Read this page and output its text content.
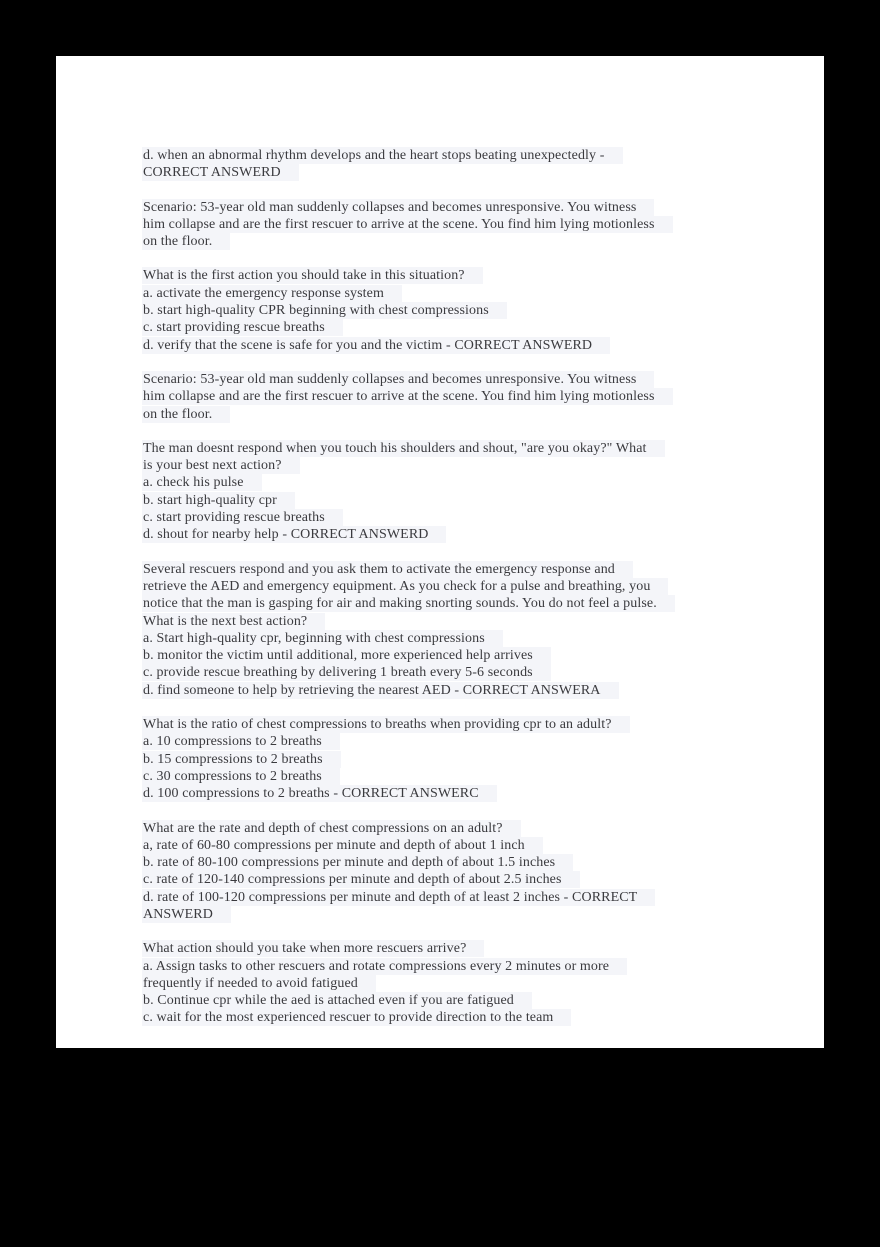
d. when an abnormal rhythm develops and the heart stops beating unexpectedly -
CORRECT ANSWERD
Scenario: 53-year old man suddenly collapses and becomes unresponsive. You witness
him collapse and are the first rescuer to arrive at the scene. You find him lying motionless
on the floor.
What is the first action you should take in this situation?
a. activate the emergency response system
b. start high-quality CPR beginning with chest compressions
c. start providing rescue breaths
d. verify that the scene is safe for you and the victim - CORRECT ANSWERD
Scenario: 53-year old man suddenly collapses and becomes unresponsive. You witness
him collapse and are the first rescuer to arrive at the scene. You find him lying motionless
on the floor.
The man doesnt respond when you touch his shoulders and shout, "are you okay?" What
is your best next action?
a. check his pulse
b. start high-quality cpr
c. start providing rescue breaths
d. shout for nearby help - CORRECT ANSWERD
Several rescuers respond and you ask them to activate the emergency response and
retrieve the AED and emergency equipment. As you check for a pulse and breathing, you
notice that the man is gasping for air and making snorting sounds. You do not feel a pulse.
What is the next best action?
a. Start high-quality cpr, beginning with chest compressions
b. monitor the victim until additional, more experienced help arrives
c. provide rescue breathing by delivering 1 breath every 5-6 seconds
d. find someone to help by retrieving the nearest AED - CORRECT ANSWERA
What is the ratio of chest compressions to breaths when providing cpr to an adult?
a. 10 compressions to 2 breaths
b. 15 compressions to 2 breaths
c. 30 compressions to 2 breaths
d. 100 compressions to 2 breaths - CORRECT ANSWERC
What are the rate and depth of chest compressions on an adult?
a, rate of 60-80 compressions per minute and depth of about 1 inch
b. rate of 80-100 compressions per minute and depth of about 1.5 inches
c. rate of 120-140 compressions per minute and depth of about 2.5 inches
d. rate of 100-120 compressions per minute and depth of at least 2 inches - CORRECT
ANSWERD
What action should you take when more rescuers arrive?
a. Assign tasks to other rescuers and rotate compressions every 2 minutes or more
frequently if needed to avoid fatigued
b. Continue cpr while the aed is attached even if you are fatigued
c. wait for the most experienced rescuer to provide direction to the team
